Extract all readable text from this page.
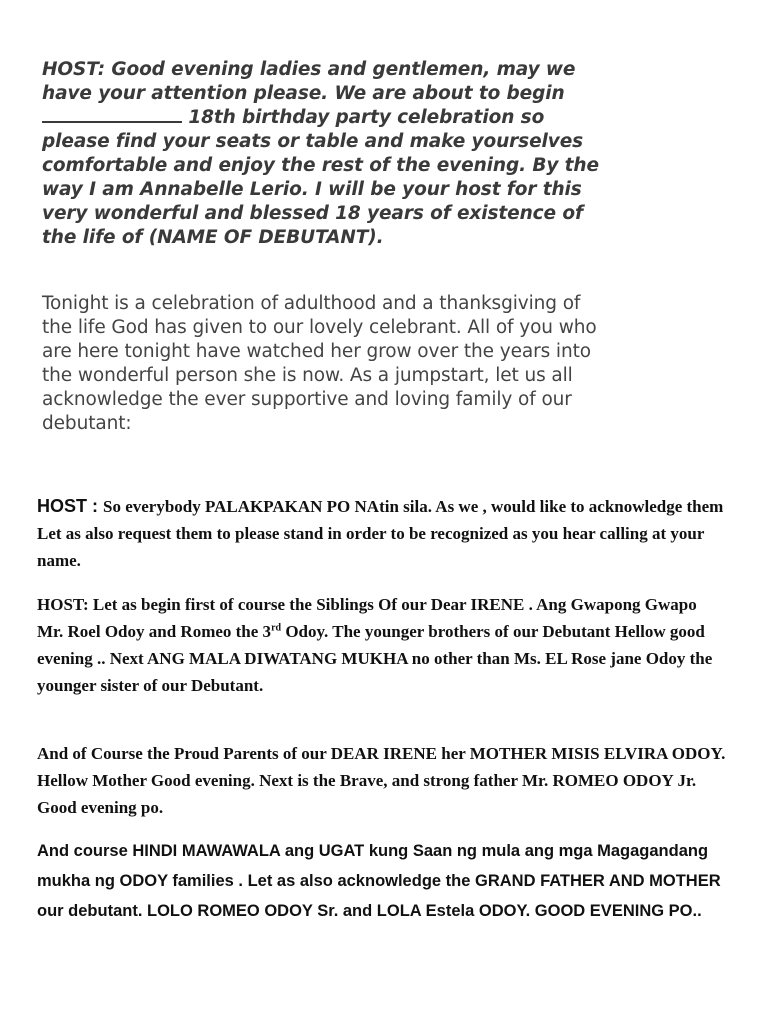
HOST: Good evening ladies and gentlemen, may we have your attention please. We are about to begin  18th birthday party celebration so please find your seats or table and make yourselves comfortable and enjoy the rest of the evening. By the way I am Annabelle Lerio. I will be your host for this very wonderful and blessed 18 years of existence of the life of (NAME OF DEBUTANT).

Tonight is a celebration of adulthood and a thanksgiving of the life God has given to our lovely celebrant. All of you who are here tonight have watched her grow over the years into the wonderful person she is now. As a jumpstart, let us all acknowledge the ever supportive and loving family of our debutant:

HOST : So everybody PALAKPAKAN PO NAtin sila. As we , would like to acknowledge them Let as also request them to please stand in order to be recognized as you hear calling at your name.

HOST: Let as begin first of course the Siblings Of our Dear IRENE . Ang Gwapong Gwapo Mr. Roel Odoy and Romeo the 3rd Odoy. The younger brothers of our Debutant Hellow good evening .. Next ANG MALA DIWATANG MUKHA no other than Ms. EL Rose jane Odoy the younger sister of our Debutant.

And of Course the Proud Parents of our DEAR IRENE her MOTHER MISIS ELVIRA ODOY. Hellow Mother Good evening. Next is the Brave, and strong father Mr. ROMEO ODOY Jr. Good evening po.

And course HINDI MAWAWALA ang UGAT kung Saan ng mula ang mga Magagandang mukha ng ODOY families . Let as also acknowledge the GRAND FATHER AND MOTHER our debutant. LOLO ROMEO ODOY Sr. and LOLA Estela ODOY. GOOD EVENING PO..
